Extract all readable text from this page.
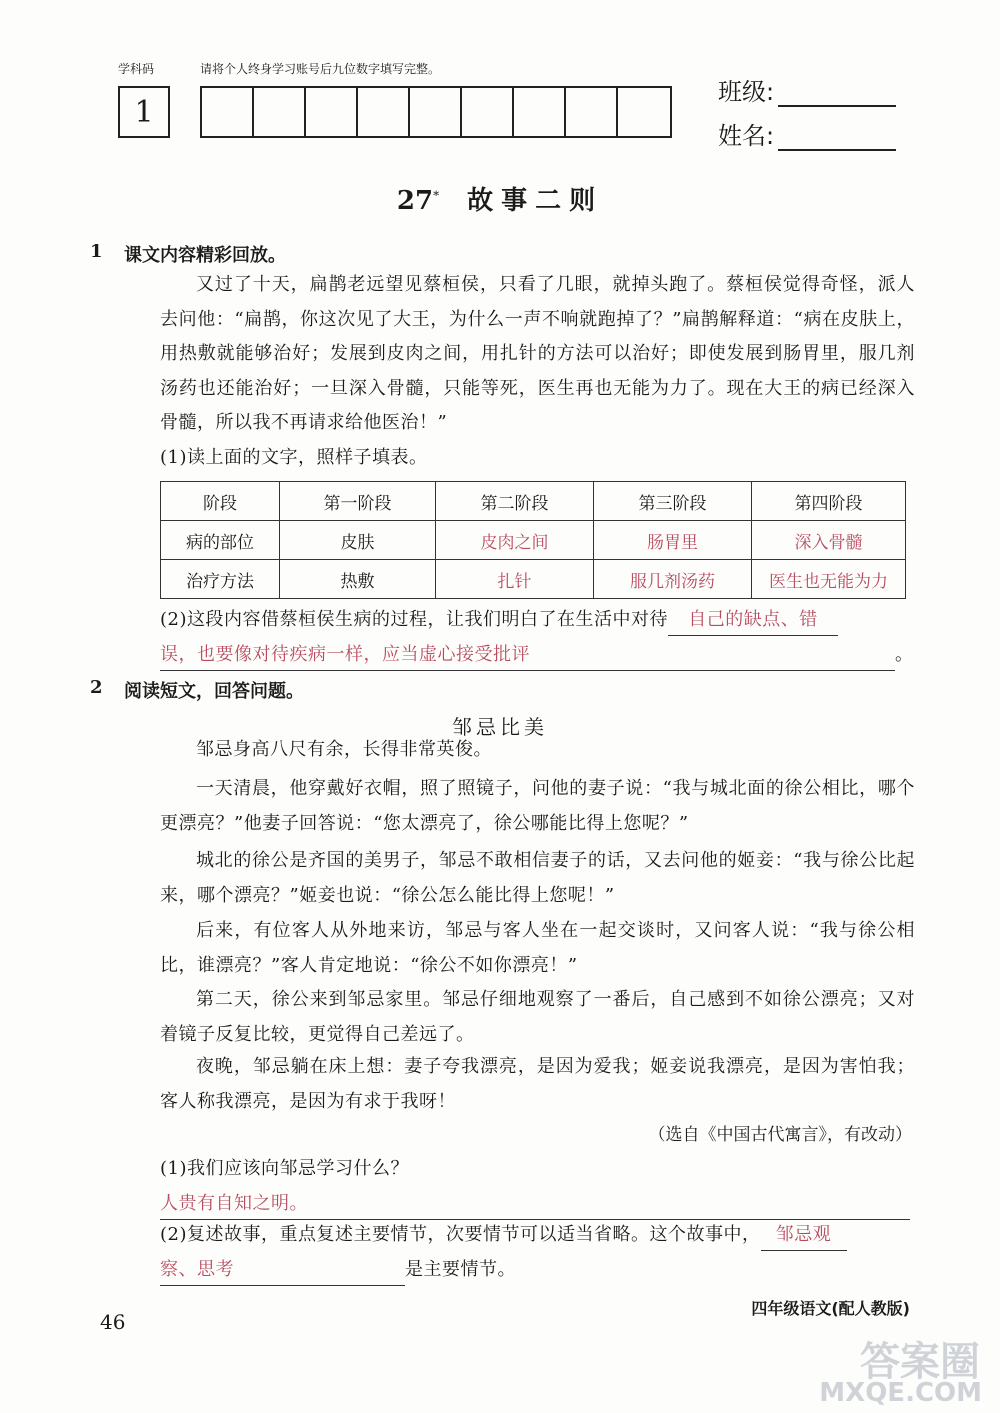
学科码	请将个人终身学习账号后九位数字填写完整。
1
班级:
姓名:
27* 故事二则
1 课文内容精彩回放。
又过了十天，扁鹊老远望见蔡桓侯，只看了几眼，就掉头跑了。蔡桓侯觉得奇怪，派人去问他：“扁鹊，你这次见了大王，为什么一声不响就跑掉了？”扁鹊解释道：“病在皮肤上，用热敷就能够治好；发展到皮肉之间，用扎针的方法可以治好；即使发展到肠胃里，服几剂汤药也还能治好；一旦深入骨髓，只能等死，医生再也无能为力了。现在大王的病已经深入骨髓，所以我不再请求给他医治！”
(1)读上面的文字，照样子填表。
阶段	第一阶段	第二阶段	第三阶段	第四阶段
病的部位	皮肤	皮肉之间	肠胃里	深入骨髓
治疗方法	热敷	扎针	服几剂汤药	医生也无能为力
(2)这段内容借蔡桓侯生病的过程，让我们明白了在生活中对待 自己的缺点、错
误，也要像对待疾病一样，应当虚心接受批评	。
2 阅读短文，回答问题。
邹忌比美
邹忌身高八尺有余，长得非常英俊。
一天清晨，他穿戴好衣帽，照了照镜子，问他的妻子说：“我与城北面的徐公相比，哪个更漂亮？”他妻子回答说：“您太漂亮了，徐公哪能比得上您呢？”
城北的徐公是齐国的美男子，邹忌不敢相信妻子的话，又去问他的姬妾：“我与徐公比起来，哪个漂亮？”姬妾也说：“徐公怎么能比得上您呢！”
后来，有位客人从外地来访，邹忌与客人坐在一起交谈时，又问客人说：“我与徐公相比，谁漂亮？”客人肯定地说：“徐公不如你漂亮！”
第二天，徐公来到邹忌家里。邹忌仔细地观察了一番后，自己感到不如徐公漂亮；又对着镜子反复比较，更觉得自己差远了。
夜晚，邹忌躺在床上想：妻子夸我漂亮，是因为爱我；姬妾说我漂亮，是因为害怕我；客人称我漂亮，是因为有求于我呀！
（选自《中国古代寓言》，有改动）
(1)我们应该向邹忌学习什么？
人贵有自知之明。
(2)复述故事，重点复述主要情节，次要情节可以适当省略。这个故事中， 邹忌观
察、思考	是主要情节。
46
四年级语文(配人教版)
答案圈
MXQE.COM
